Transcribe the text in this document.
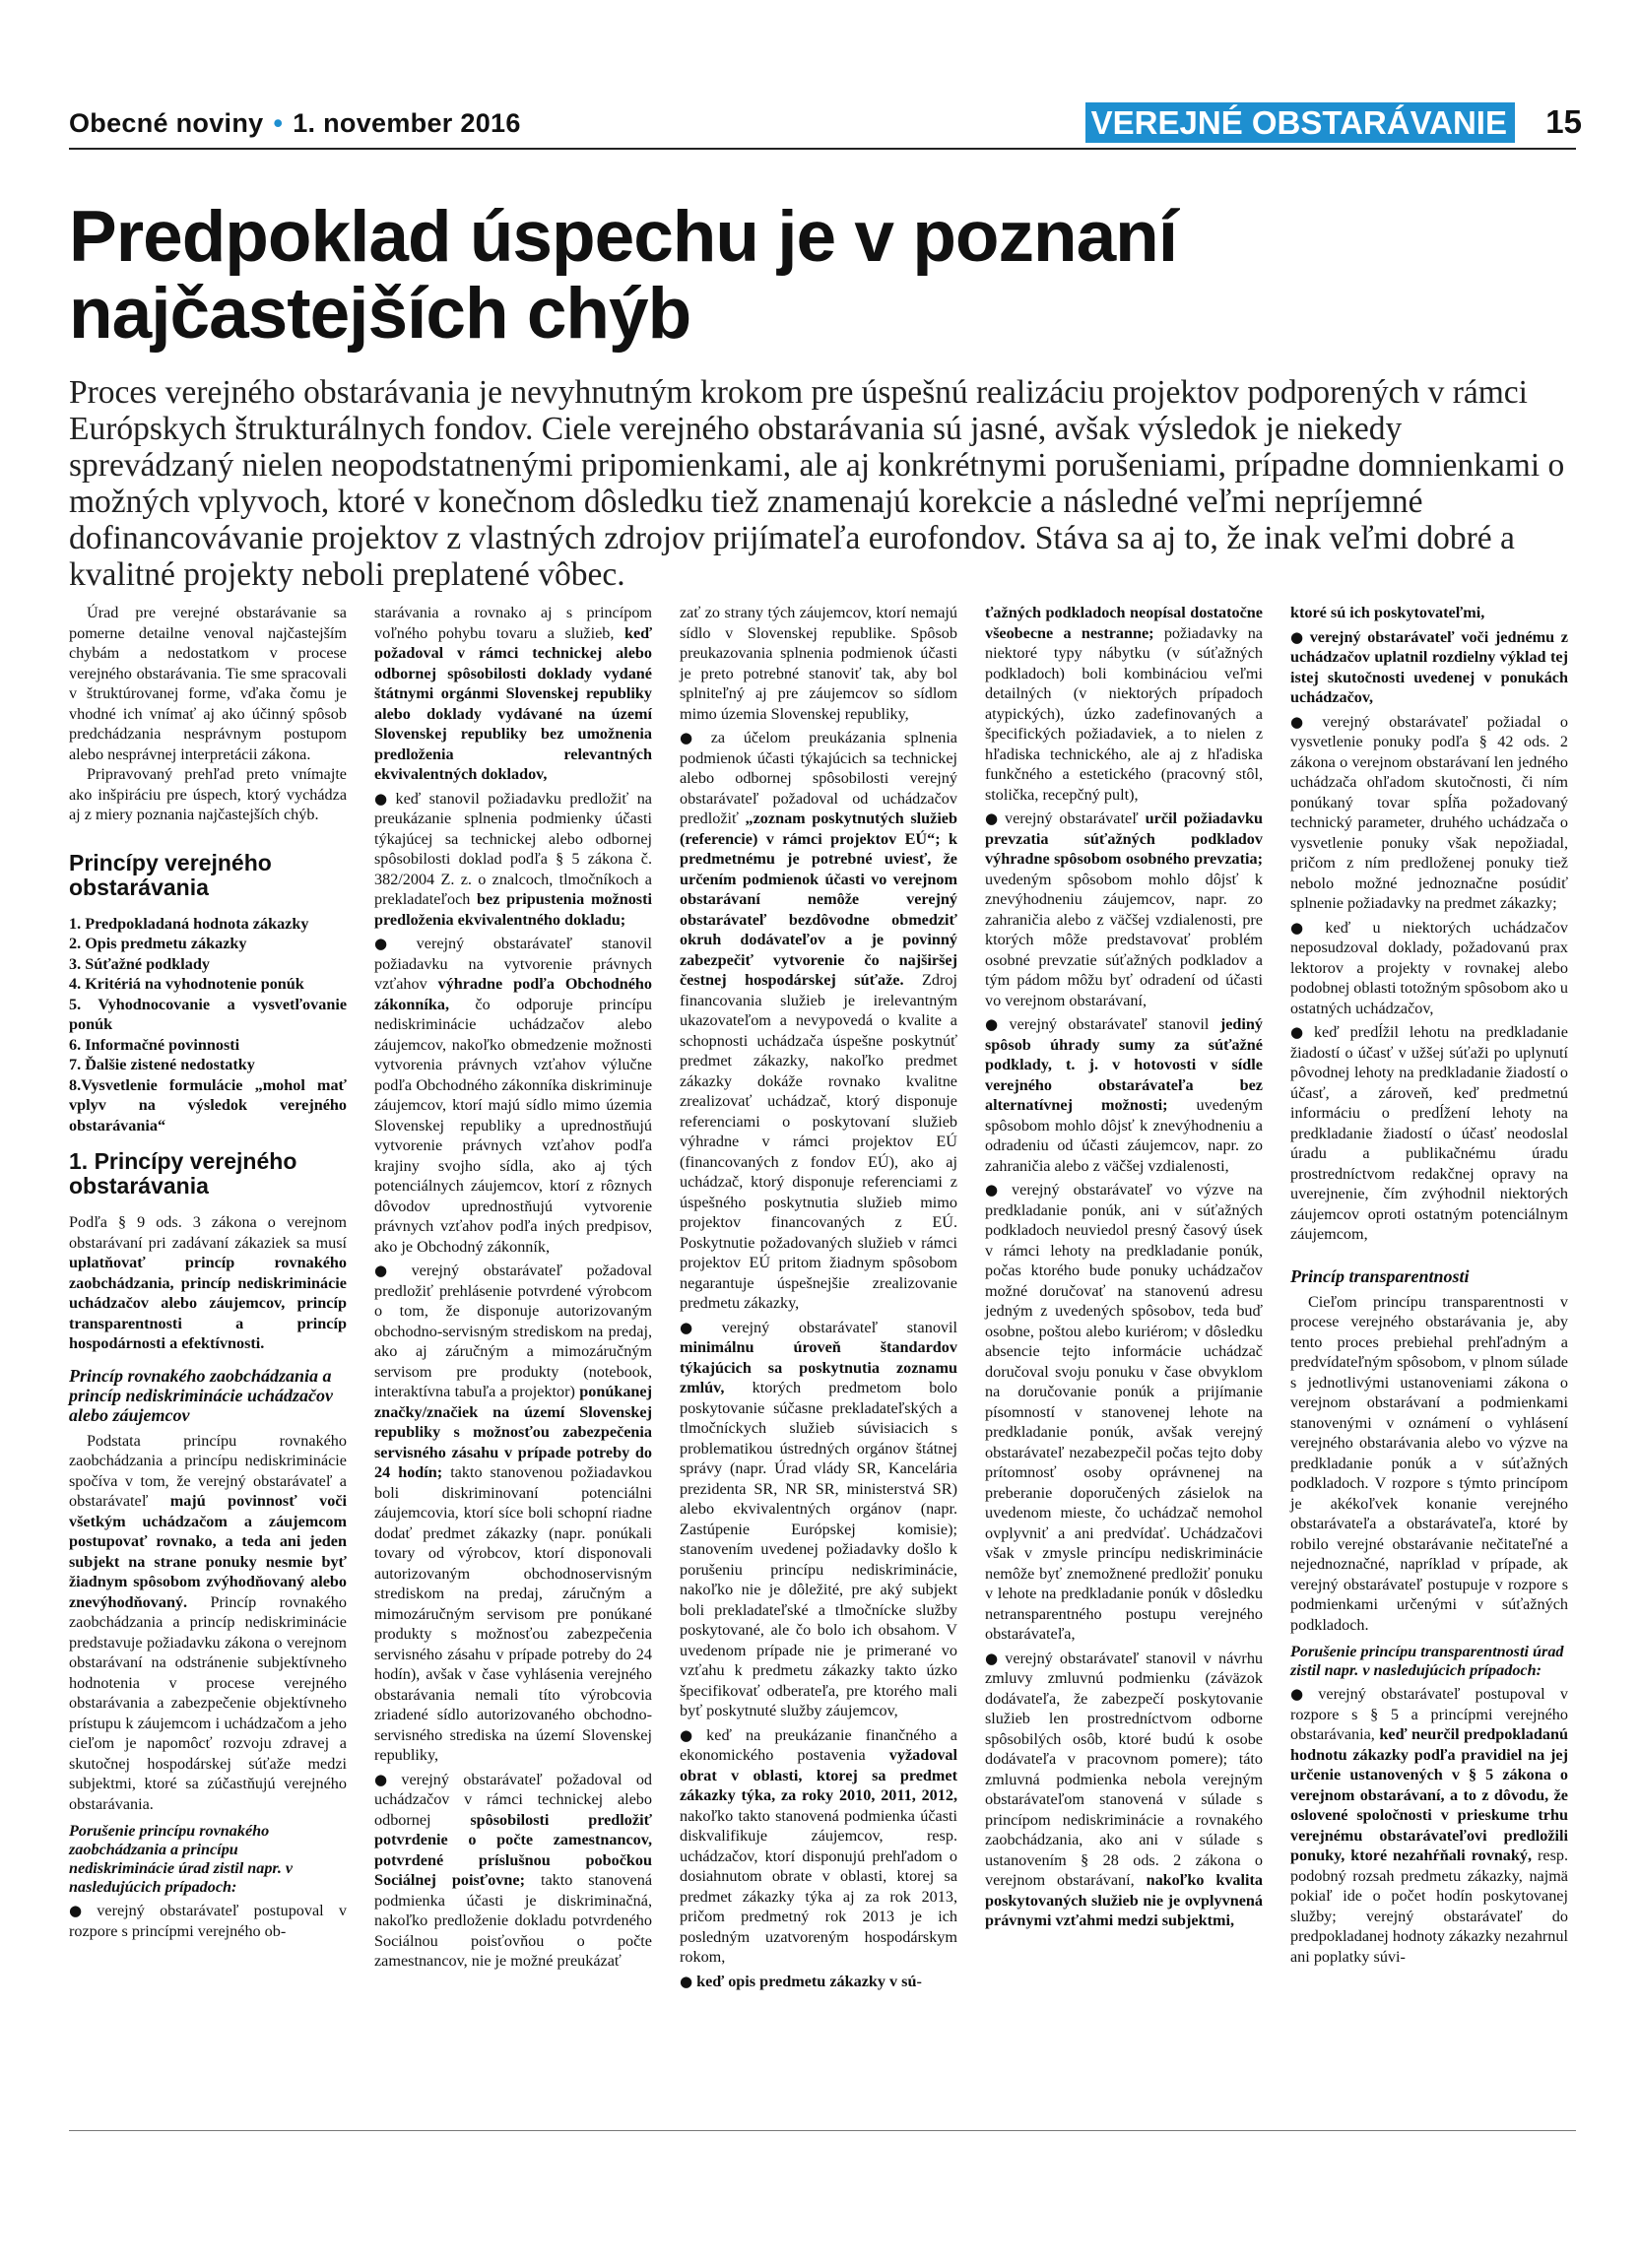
Obecné noviny • 1. november 2016	VEREJNÉ OBSTARÁVANIE 15
Predpoklad úspechu je v poznaní najčastejších chýb

Proces verejného obstarávania je nevyhnutným krokom pre úspešnú realizáciu projektov podporených v rámci Európskych štrukturálnych fondov. Ciele verejného obstarávania sú jasné, avšak výsledok je niekedy sprevádzaný nielen neopodstatnenými pripomienkami, ale aj konkrétnymi porušeniami, prípadne domnienkami o možných vplyvoch, ktoré v konečnom dôsledku tiež znamenajú korekcie a následné veľmi nepríjemné dofinancovávanie projektov z vlastných zdrojov prijímateľa eurofondov. Stáva sa aj to, že inak veľmi dobré a kvalitné projekty neboli preplatené vôbec.

Úrad pre verejné obstarávanie sa pomerne detailne venoval najčastejším chybám a nedostatkom v procese verejného obstarávania. Tie sme spracovali v štruktúrovanej forme, vďaka čomu je vhodné ich vnímať aj ako účinný spôsob predchádzania nesprávnym postupom alebo nesprávnej interpretácii zákona.

Pripravovaný prehľad preto vnímajte ako inšpiráciu pre úspech, ktorý vychádza aj z miery poznania najčastejších chýb.

Princípy verejného obstarávania
1. Predpokladaná hodnota zákazky
2. Opis predmetu zákazky
3. Súťažné podklady
4. Kritériá na vyhodnotenie ponúk
5. Vyhodnocovanie a vysvetľovanie ponúk
6. Informačné povinnosti
7. Ďalšie zistené nedostatky
8.Vysvetlenie formulácie „mohol mať vplyv na výsledok verejného obstarávania“
1. Princípy verejného obstarávania

Podľa § 9 ods. 3 zákona o verejnom obstarávaní pri zadávaní zákaziek sa musí uplatňovať princíp rovnakého zaobchádzania, princíp nediskriminácie uchádzačov alebo záujemcov, princíp transparentnosti a princíp hospodárnosti a efektívnosti.

Princíp rovnakého zaobchádzania a princíp nediskriminácie uchádzačov alebo záujemcov

Podstata princípu rovnakého zaobchádzania a princípu nediskriminácie spočíva v tom, že verejný obstarávateľ a obstarávateľ majú povinnosť voči všetkým uchádzačom a záujemcom postupovať rovnako, a teda ani jeden subjekt na strane ponuky nesmie byť žiadnym spôsobom zvýhodňovaný alebo znevýhodňovaný. Princíp rovnakého zaobchádzania a princíp nediskriminácie predstavuje požiadavku zákona o verejnom obstarávaní na odstránenie subjektívneho hodnotenia v procese verejného obstarávania a zabezpečenie objektívneho prístupu k záujemcom i uchádzačom a jeho cieľom je napomôcť rozvoju zdravej a skutočnej hospodárskej súťaže medzi subjektmi, ktoré sa zúčastňujú verejného obstarávania.

Porušenie princípu rovnakého zaobchádzania a princípu nediskriminácie úrad zistil napr. v nasledujúcich prípadoch:

● verejný obstarávateľ postupoval v rozpore s princípmi verejného ob-

starávania a rovnako aj s princípom voľného pohybu tovaru a služieb, keď požadoval v rámci technickej alebo odbornej spôsobilosti doklady vydané štátnymi orgánmi Slovenskej republiky alebo doklady vydávané na území Slovenskej republiky bez umožnenia predloženia relevantných ekvivalentných dokladov,

● keď stanovil požiadavku predložiť na preukázanie splnenia podmienky účasti týkajúcej sa technickej alebo odbornej spôsobilosti doklad podľa § 5 zákona č. 382/2004 Z. z. o znalcoch, tlmočníkoch a prekladateľoch bez pripustenia možnosti predloženia ekvivalentného dokladu;

● verejný obstarávateľ stanovil požiadavku na vytvorenie právnych vzťahov výhradne podľa Obchodného zákonníka, čo odporuje princípu nediskriminácie uchádzačov alebo záujemcov, nakoľko obmedzenie možnosti vytvorenia právnych vzťahov výlučne podľa Obchodného zákonníka diskriminuje záujemcov, ktorí majú sídlo mimo územia Slovenskej republiky a uprednostňujú vytvorenie právnych vzťahov podľa krajiny svojho sídla, ako aj tých potenciálnych záujemcov, ktorí z rôznych dôvodov uprednostňujú vytvorenie právnych vzťahov podľa iných predpisov, ako je Obchodný zákonník,

● verejný obstarávateľ požadoval predložiť prehlásenie potvrdené výrobcom o tom, že disponuje autorizovaným obchodno-servisným strediskom na predaj, ako aj záručným a mimozáručným servisom pre produkty (notebook, interaktívna tabuľa a projektor) ponúkanej značky/značiek na území Slovenskej republiky s možnosťou zabezpečenia servisného zásahu v prípade potreby do 24 hodín; takto stanovenou požiadavkou boli diskriminovaní potenciálni záujemcovia, ktorí síce boli schopní riadne dodať predmet zákazky (napr. ponúkali tovary od výrobcov, ktorí disponovali autorizovaným obchodnoservisným strediskom na predaj, záručným a mimozáručným servisom pre ponúkané produkty s možnosťou zabezpečenia servisného zásahu v prípade potreby do 24 hodín), avšak v čase vyhlásenia verejného obstarávania nemali títo výrobcovia zriadené sídlo autorizovaného obchodno-servisného strediska na území Slovenskej republiky,

● verejný obstarávateľ požadoval od uchádzačov v rámci technickej alebo odbornej spôsobilosti predložiť potvrdenie o počte zamestnancov, potvrdené príslušnou pobočkou Sociálnej poisťovne; takto stanovená podmienka účasti je diskriminačná, nakoľko predloženie dokladu potvrdeného Sociálnou poisťovňou o počte zamestnancov, nie je možné preukázať

zať zo strany tých záujemcov, ktorí nemajú sídlo v Slovenskej republike. Spôsob preukazovania splnenia podmienok účasti je preto potrebné stanoviť tak, aby bol splniteľný aj pre záujemcov so sídlom mimo územia Slovenskej republiky,

● za účelom preukázania splnenia podmienok účasti týkajúcich sa technickej alebo odbornej spôsobilosti verejný obstarávateľ požadoval od uchádzačov predložiť „zoznam poskytnutých služieb (referencie) v rámci projektov EÚ“; k predmetnému je potrebné uviesť, že určením podmienok účasti vo verejnom obstarávaní nemôže verejný obstarávateľ bezdôvodne obmedziť okruh dodávateľov a je povinný zabezpečiť vytvorenie čo najširšej čestnej hospodárskej súťaže. Zdroj financovania služieb je irelevantným ukazovateľom a nevypovedá o kvalite a schopnosti uchádzača úspešne poskytnúť predmet zákazky, nakoľko predmet zákazky dokáže rovnako kvalitne zrealizovať uchádzač, ktorý disponuje referenciami o poskytovaní služieb výhradne v rámci projektov EÚ (financovaných z fondov EÚ), ako aj uchádzač, ktorý disponuje referenciami z úspešného poskytnutia služieb mimo projektov financovaných z EÚ. Poskytnutie požadovaných služieb v rámci projektov EÚ pritom žiadnym spôsobom negarantuje úspešnejšie zrealizovanie predmetu zákazky,

● verejný obstarávateľ stanovil minimálnu úroveň štandardov týkajúcich sa poskytnutia zoznamu zmlúv, ktorých predmetom bolo poskytovanie súčasne prekladateľských a tlmočníckych služieb súvisiacich s problematikou ústredných orgánov štátnej správy (napr. Úrad vlády SR, Kancelária prezidenta SR, NR SR, ministerstvá SR) alebo ekvivalentných orgánov (napr. Zastúpenie Európskej komisie); stanovením uvedenej požiadavky došlo k porušeniu princípu nediskriminácie, nakoľko nie je dôležité, pre aký subjekt boli prekladateľské a tlmočnícke služby poskytované, ale čo bolo ich obsahom. V uvedenom prípade nie je primerané vo vzťahu k predmetu zákazky takto úzko špecifikovať odberateľa, pre ktorého mali byť poskytnuté služby záujemcov,

● keď na preukázanie finančného a ekonomického postavenia vyžadoval obrat v oblasti, ktorej sa predmet zákazky týka, za roky 2010, 2011, 2012, nakoľko takto stanovená podmienka účasti diskvalifikuje záujemcov, resp. uchádzačov, ktorí disponujú prehľadom o dosiahnutom obrate v oblasti, ktorej sa predmet zákazky týka aj za rok 2013, pričom predmetný rok 2013 je ich posledným uzatvoreným hospodárskym rokom,

● keď opis predmetu zákazky v sú-

ťažných podkladoch neopísal dostatočne všeobecne a nestranne; požiadavky na niektoré typy nábytku (v súťažných podkladoch) boli kombináciou veľmi detailných (v niektorých prípadoch atypických), úzko zadefinovaných a špecifických požiadaviek, a to nielen z hľadiska technického, ale aj z hľadiska funkčného a estetického (pracovný stôl, stolička, recepčný pult),

● verejný obstarávateľ určil požiadavku prevzatia súťažných podkladov výhradne spôsobom osobného prevzatia; uvedeným spôsobom mohlo dôjsť k znevýhodneniu záujemcov, napr. zo zahraničia alebo z väčšej vzdialenosti, pre ktorých môže predstavovať problém osobné prevzatie súťažných podkladov a tým pádom môžu byť odradení od účasti vo verejnom obstarávaní,

● verejný obstarávateľ stanovil jediný spôsob úhrady sumy za súťažné podklady, t. j. v hotovosti v sídle verejného obstarávateľa bez alternatívnej možnosti; uvedeným spôsobom mohlo dôjsť k znevýhodneniu a odradeniu od účasti záujemcov, napr. zo zahraničia alebo z väčšej vzdialenosti,

● verejný obstarávateľ vo výzve na predkladanie ponúk, ani v súťažných podkladoch neuviedol presný časový úsek v rámci lehoty na predkladanie ponúk, počas ktorého bude ponuky uchádzačov možné doručovať na stanovenú adresu jedným z uvedených spôsobov, teda buď osobne, poštou alebo kuriérom; v dôsledku absencie tejto informácie uchádzač doručoval svoju ponuku v čase obvyklom na doručovanie ponúk a prijímanie písomností v stanovenej lehote na predkladanie ponúk, avšak verejný obstarávateľ nezabezpečil počas tejto doby prítomnosť osoby oprávnenej na preberanie doporučených zásielok na uvedenom mieste, čo uchádzač nemohol ovplyvniť a ani predvídať. Uchádzačovi však v zmysle princípu nediskriminácie nemôže byť znemožnené predložiť ponuku v lehote na predkladanie ponúk v dôsledku netransparentného postupu verejného obstarávateľa,

● verejný obstarávateľ stanovil v návrhu zmluvy zmluvnú podmienku (záväzok dodávateľa, že zabezpečí poskytovanie služieb len prostredníctvom odborne spôsobilých osôb, ktoré budú k osobe dodávateľa v pracovnom pomere); táto zmluvná podmienka nebola verejným obstarávateľom stanovená v súlade s princípom nediskriminácie a rovnakého zaobchádzania, ako ani v súlade s ustanovením § 28 ods. 2 zákona o verejnom obstarávaní, nakoľko kvalita poskytovaných služieb nie je ovplyvnená právnymi vzťahmi medzi subjektmi,

ktoré sú ich poskytovateľmi,

● verejný obstarávateľ voči jednému z uchádzačov uplatnil rozdielny výklad tej istej skutočnosti uvedenej v ponukách uchádzačov,

● verejný obstarávateľ požiadal o vysvetlenie ponuky podľa § 42 ods. 2 zákona o verejnom obstarávaní len jedného uchádzača ohľadom skutočnosti, či ním ponúkaný tovar spĺňa požadovaný technický parameter, druhého uchádzača o vysvetlenie ponuky však nepožiadal, pričom z ním predloženej ponuky tiež nebolo možné jednoznačne posúdiť splnenie požiadavky na predmet zákazky;

● keď u niektorých uchádzačov neposudzoval doklady, požadovanú prax lektorov a projekty v rovnakej alebo podobnej oblasti totožným spôsobom ako u ostatných uchádzačov,

● keď predĺžil lehotu na predkladanie žiadostí o účasť v užšej súťaži po uplynutí pôvodnej lehoty na predkladanie žiadostí o účasť, a zároveň, keď predmetnú informáciu o predĺžení lehoty na predkladanie žiadostí o účasť neodoslal úradu a publikačnému úradu prostredníctvom redakčnej opravy na uverejnenie, čím zvýhodnil niektorých záujemcov oproti ostatným potenciálnym záujemcom,

Princíp transparentnosti

Cieľom princípu transparentnosti v procese verejného obstarávania je, aby tento proces prebiehal prehľadným a predvídateľným spôsobom, v plnom súlade s jednotlivými ustanoveniami zákona o verejnom obstarávaní a podmienkami stanovenými v oznámení o vyhlásení verejného obstarávania alebo vo výzve na predkladanie ponúk a v súťažných podkladoch. V rozpore s týmto princípom je akékoľvek konanie verejného obstarávateľa a obstarávateľa, ktoré by robilo verejné obstarávanie nečitateľné a nejednoznačné, napríklad v prípade, ak verejný obstarávateľ postupuje v rozpore s podmienkami určenými v súťažných podkladoch.

Porušenie princípu transparentnosti úrad zistil napr. v nasledujúcich prípadoch:

● verejný obstarávateľ postupoval v rozpore s § 5 a princípmi verejného obstarávania, keď neurčil predpokladanú hodnotu zákazky podľa pravidiel na jej určenie ustanovených v § 5 zákona o verejnom obstarávaní, a to z dôvodu, že oslovené spoločnosti v prieskume trhu verejnému obstarávateľovi predložili ponuky, ktoré nezahŕňali rovnaký, resp. podobný rozsah predmetu zákazky, najmä pokiaľ ide o počet hodín poskytovanej služby; verejný obstarávateľ do predpokladanej hodnoty zákazky nezahrnul ani poplatky súvi-
